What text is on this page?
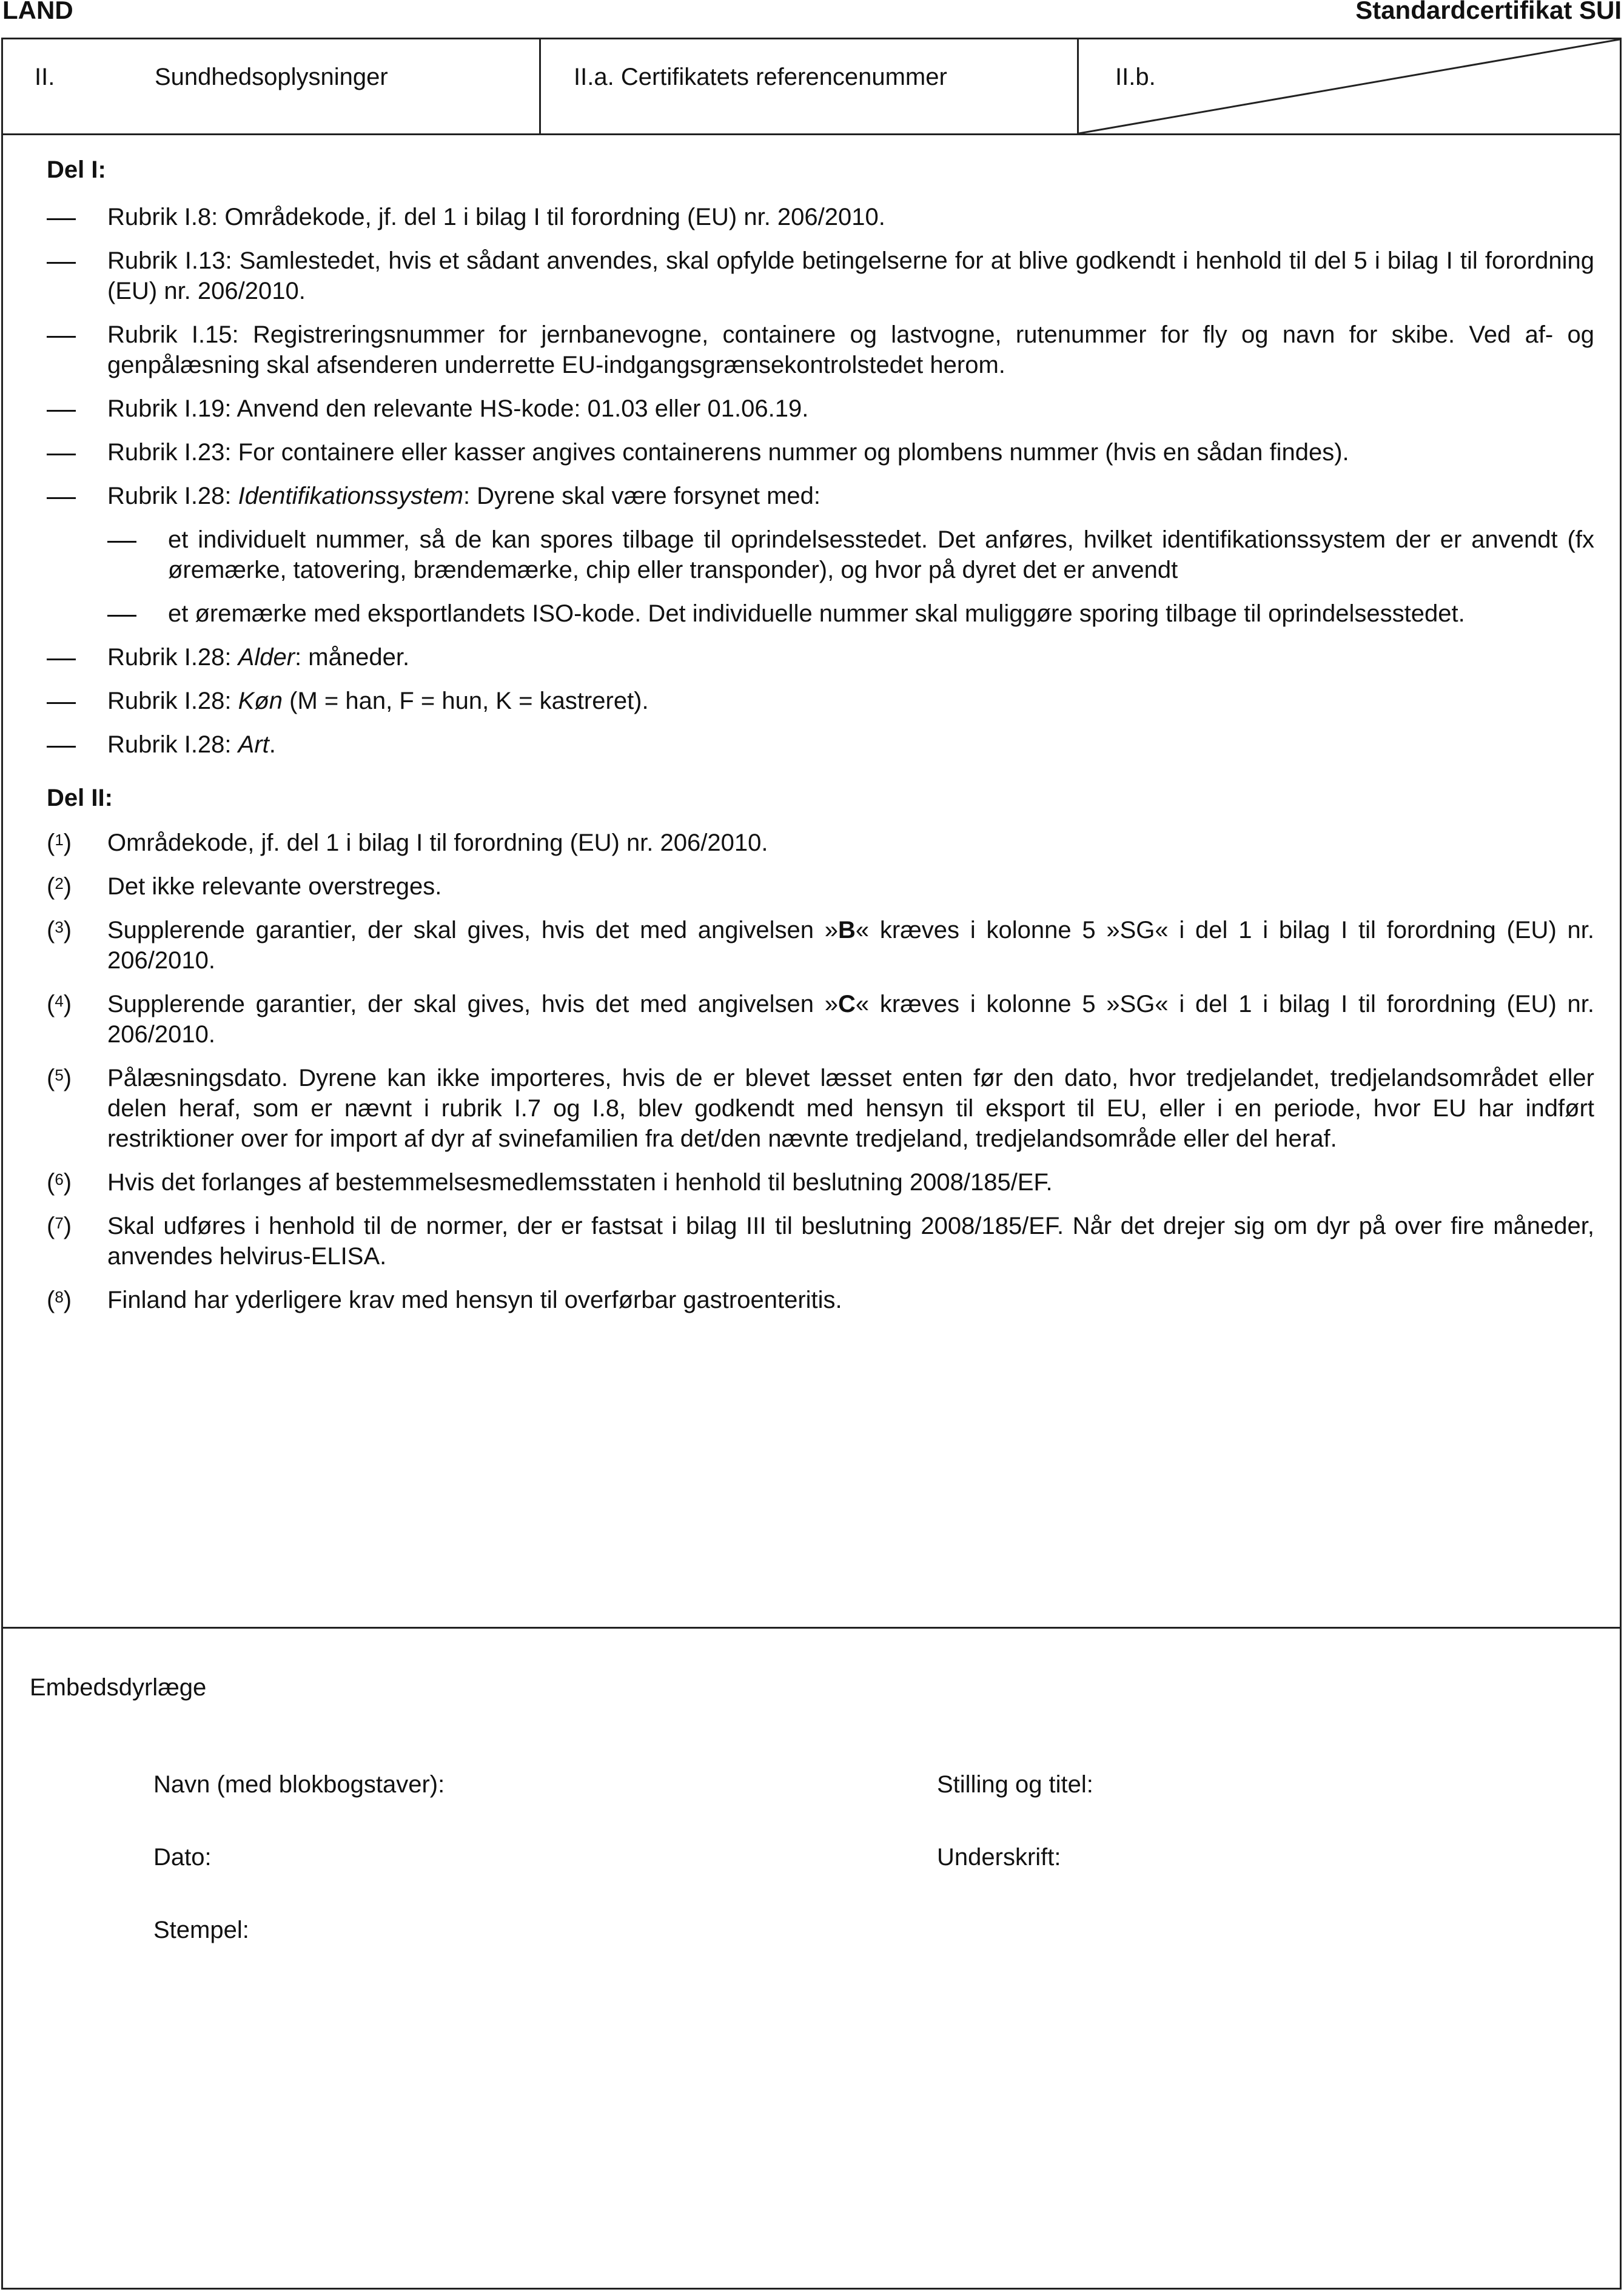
LAND	Standardcertifikat SUI
II.	Sundhedsoplysninger	II.a. Certifikatets referencenummer	II.b.
Del I:
Rubrik I.8: Områdekode, jf. del 1 i bilag I til forordning (EU) nr. 206/2010.
Rubrik I.13: Samlestedet, hvis et sådant anvendes, skal opfylde betingelserne for at blive godkendt i henhold til del 5 i bilag I til forordning (EU) nr. 206/2010.
Rubrik I.15: Registreringsnummer for jernbanevogne, containere og lastvogne, rutenummer for fly og navn for skibe. Ved af- og genpålæsning skal afsenderen underrette EU-indgangsgrænsekontrolstedet herom.
Rubrik I.19: Anvend den relevante HS-kode: 01.03 eller 01.06.19.
Rubrik I.23: For containere eller kasser angives containerens nummer og plombens nummer (hvis en sådan findes).
Rubrik I.28: Identifikationssystem: Dyrene skal være forsynet med:
et individuelt nummer, så de kan spores tilbage til oprindelsesstedet. Det anføres, hvilket identifikationssystem der er anvendt (fx øremærke, tatovering, brændemærke, chip eller transponder), og hvor på dyret det er anvendt
et øremærke med eksportlandets ISO-kode. Det individuelle nummer skal muliggøre sporing tilbage til oprindelsesstedet.
Rubrik I.28: Alder: måneder.
Rubrik I.28: Køn (M = han, F = hun, K = kastreret).
Rubrik I.28: Art.
Del II:
($^1$) Områdekode, jf. del 1 i bilag I til forordning (EU) nr. 206/2010.
($^2$) Det ikke relevante overstreges.
($^3$) Supplerende garantier, der skal gives, hvis det med angivelsen »B« kræves i kolonne 5 »SG« i del 1 i bilag I til forordning (EU) nr. 206/2010.
($^4$) Supplerende garantier, der skal gives, hvis det med angivelsen »C« kræves i kolonne 5 »SG« i del 1 i bilag I til forordning (EU) nr. 206/2010.
($^5$) Pålæsningsdato. Dyrene kan ikke importeres, hvis de er blevet læsset enten før den dato, hvor tredjelandet, tredjelandsområdet eller delen heraf, som er nævnt i rubrik I.7 og I.8, blev godkendt med hensyn til eksport til EU, eller i en periode, hvor EU har indført restriktioner over for import af dyr af svinefamilien fra det/den nævnte tredjeland, tredjelandsområde eller del heraf.
($^6$) Hvis det forlanges af bestemmelsesmedlemsstaten i henhold til beslutning 2008/185/EF.
($^7$) Skal udføres i henhold til de normer, der er fastsat i bilag III til beslutning 2008/185/EF. Når det drejer sig om dyr på over fire måneder, anvendes helvirus-ELISA.
($^8$) Finland har yderligere krav med hensyn til overførbar gastroenteritis.
Embedsdyrlæge
Navn (med blokbogstaver):	Stilling og titel:
Dato:	Underskrift:
Stempel:
